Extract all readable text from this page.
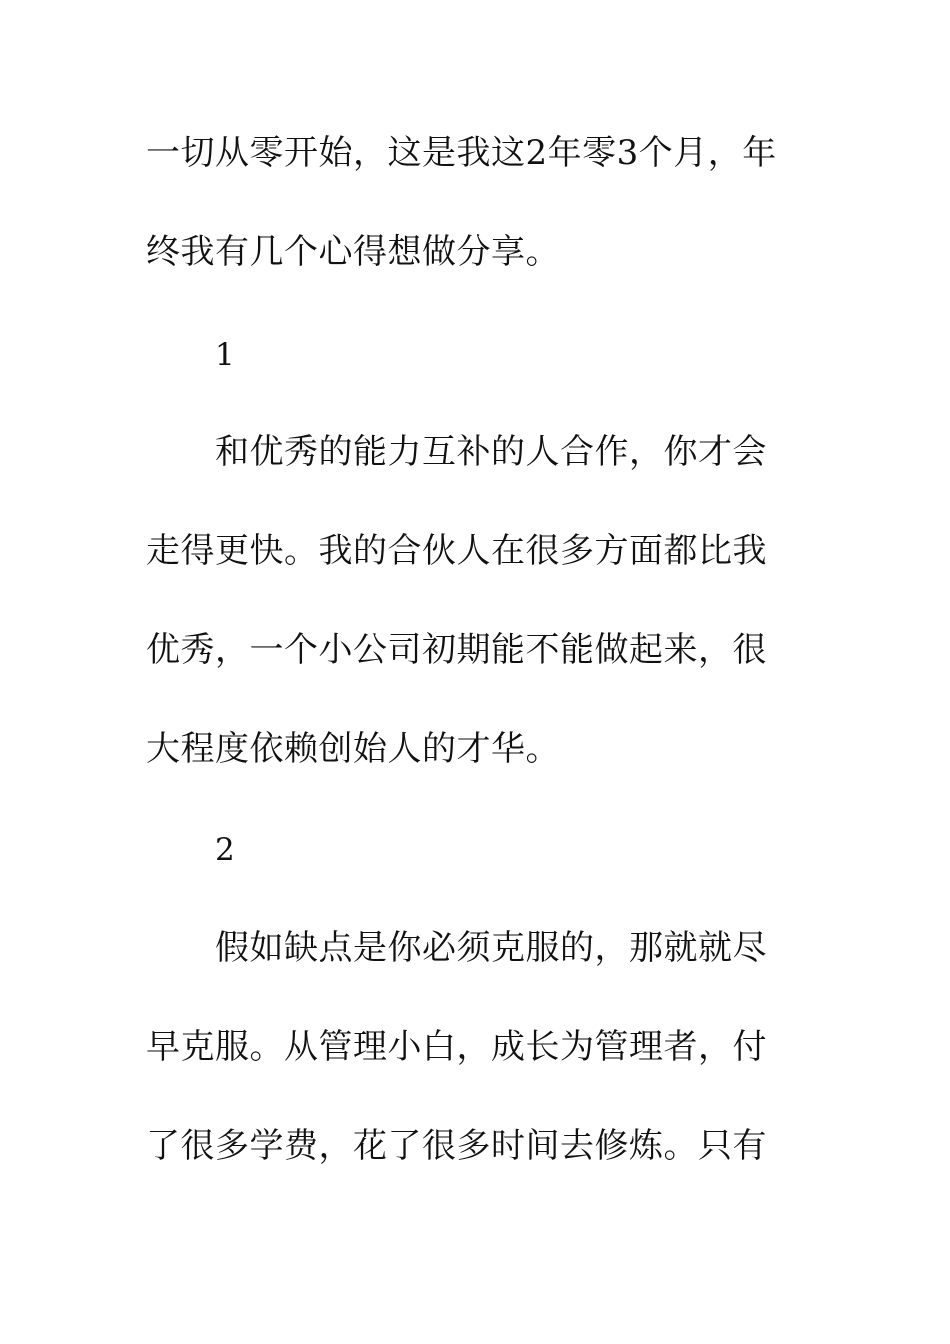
一切从零开始，这是我这2年零3个月，年
终我有几个心得想做分享。
1
和优秀的能力互补的人合作，你才会
走得更快。我的合伙人在很多方面都比我
优秀，一个小公司初期能不能做起来，很
大程度依赖创始人的才华。
2
假如缺点是你必须克服的，那就就尽
早克服。从管理小白，成长为管理者，付
了很多学费，花了很多时间去修炼。只有
